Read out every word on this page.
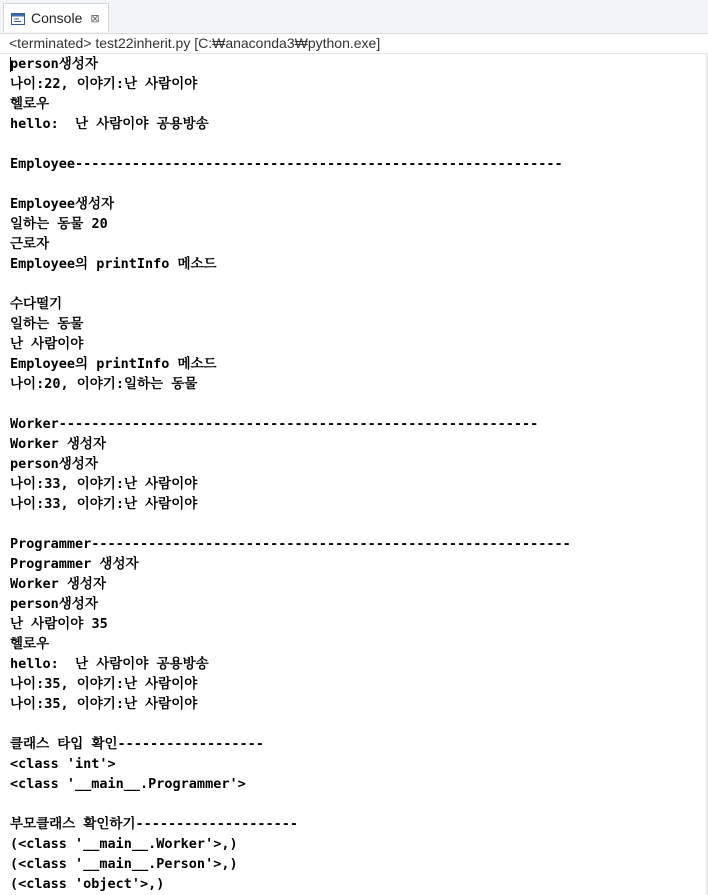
Console ⊠
<terminated> test22inherit.py [C:₩anaconda3₩python.exe]
person생성자
나이:22, 이야기:난 사람이야
헬로우
hello:  난 사람이야 공용방송
Employee------------------------------------------------------------
Employee생성자
일하는 동물 20
근로자
Employee의 printInfo 메소드
수다떨기
일하는 동물
난 사람이야
Employee의 printInfo 메소드
나이:20, 이야기:일하는 동물
Worker-----------------------------------------------------------
Worker 생성자
person생성자
나이:33, 이야기:난 사람이야
나이:33, 이야기:난 사람이야
Programmer-----------------------------------------------------------
Programmer 생성자
Worker 생성자
person생성자
난 사람이야 35
헬로우
hello:  난 사람이야 공용방송
나이:35, 이야기:난 사람이야
나이:35, 이야기:난 사람이야
클래스 타입 확인------------------
<class 'int'>
<class '__main__.Programmer'>
부모클래스 확인하기--------------------
(<class '__main__.Worker'>,)
(<class '__main__.Person'>,)
(<class 'object'>,)
